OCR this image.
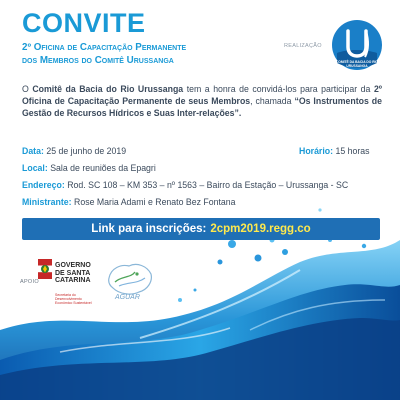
CONVITE
2º Oficina de Capacitação Permanente
dos Membros do Comitê Urussanga
REALIZAÇÃO
COMITÊ DA BACIA DO RIO URUSSANGA
O Comitê da Bacia do Rio Urussanga tem a honra de convidá-los para participar da 2º Oficina de Capacitação Permanente de seus Membros, chamada “Os Instrumentos de Gestão de Recursos Hídricos e Suas Inter-relações”.
Data: 25 de junho de 2019	Horário: 15 horas
Local: Sala de reuniões da Epagri
Endereço: Rod. SC 108 – KM 353 – nº 1563 – Bairro da Estação – Urussanga - SC
Ministrante: Rose Maria Adami e Renato Bez Fontana
Link para inscrições: 2cpm2019.regg.co
APOIO
GOVERNO
DE SANTA
CATARINA
Secretaria do Desenvolvimento Econômico Sustentável
AGUAR
